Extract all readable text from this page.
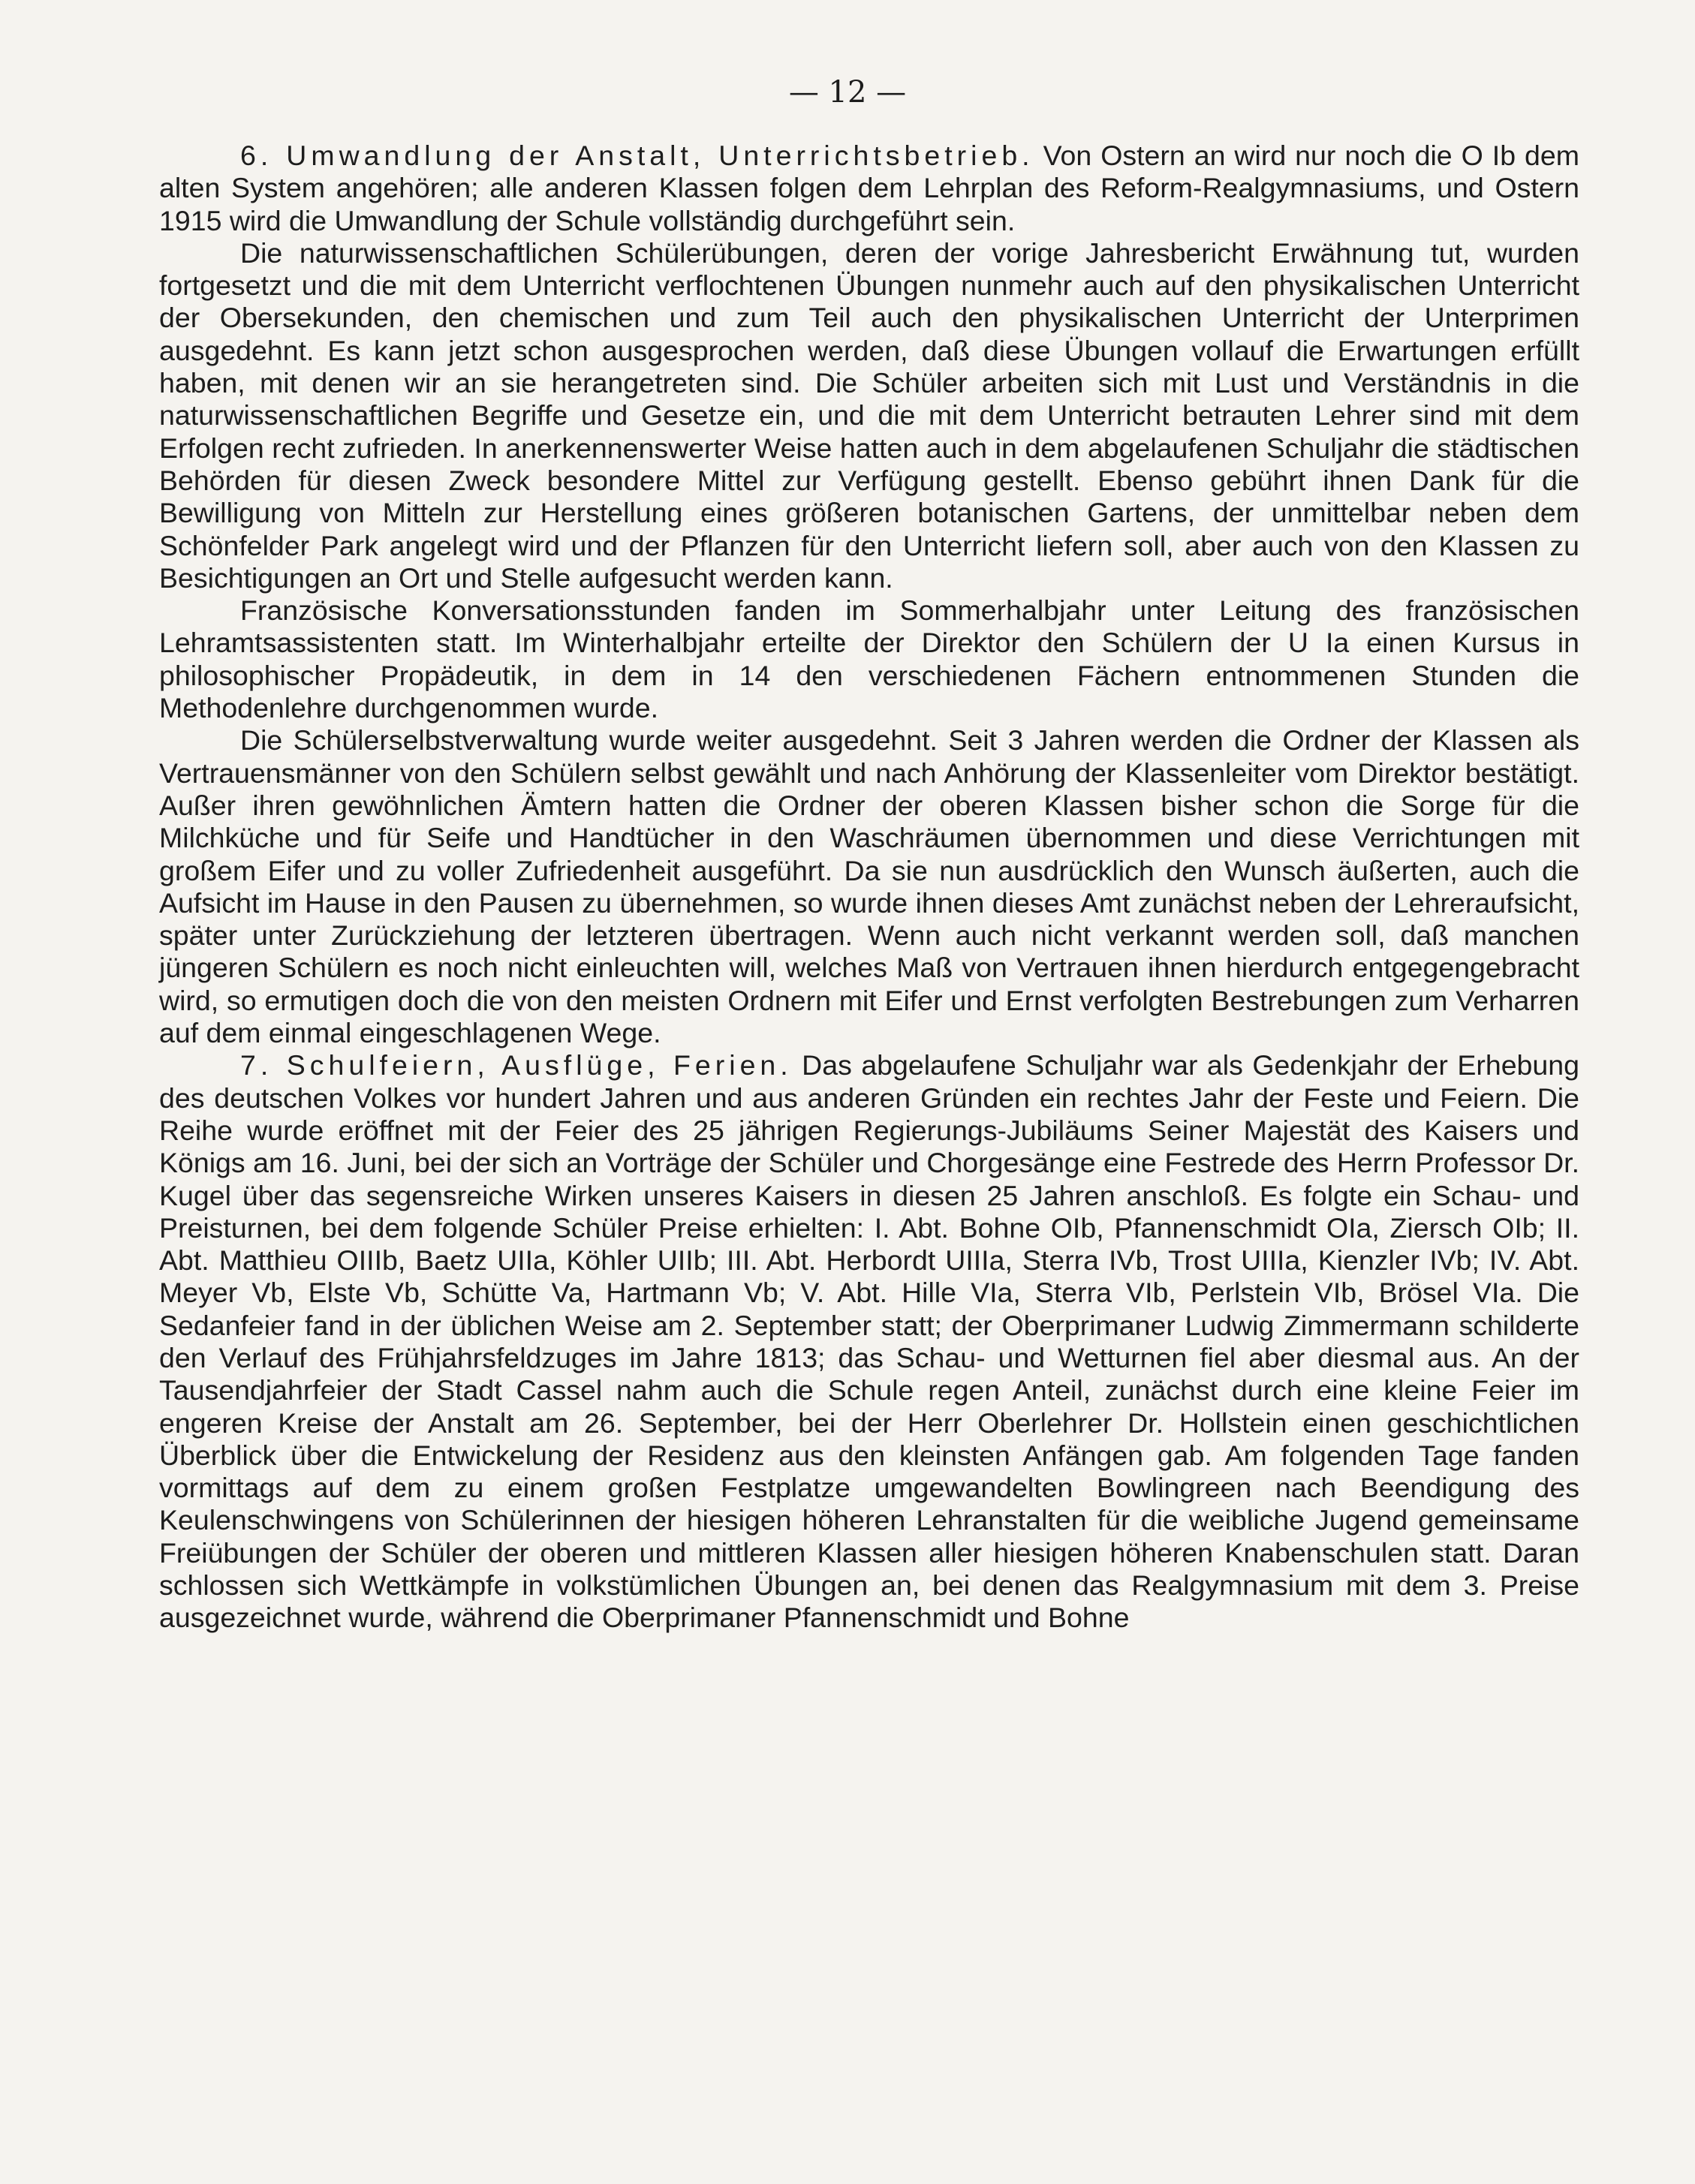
— 12 —

6. Umwandlung der Anstalt, Unterrichtsbetrieb. Von Ostern an wird nur noch die O Ib dem alten System angehören; alle anderen Klassen folgen dem Lehrplan des Reform-Realgymnasiums, und Ostern 1915 wird die Umwandlung der Schule vollständig durchgeführt sein.

Die naturwissenschaftlichen Schülerübungen, deren der vorige Jahresbericht Erwähnung tut, wurden fortgesetzt und die mit dem Unterricht verflochtenen Übungen nunmehr auch auf den physikalischen Unterricht der Obersekunden, den chemischen und zum Teil auch den physikalischen Unterricht der Unterprimen ausgedehnt. Es kann jetzt schon ausgesprochen werden, daß diese Übungen vollauf die Erwartungen erfüllt haben, mit denen wir an sie herangetreten sind. Die Schüler arbeiten sich mit Lust und Verständnis in die naturwissenschaftlichen Begriffe und Gesetze ein, und die mit dem Unterricht betrauten Lehrer sind mit dem Erfolgen recht zufrieden. In anerkennenswerter Weise hatten auch in dem abgelaufenen Schuljahr die städtischen Behörden für diesen Zweck besondere Mittel zur Verfügung gestellt. Ebenso gebührt ihnen Dank für die Bewilligung von Mitteln zur Herstellung eines größeren botanischen Gartens, der unmittelbar neben dem Schönfelder Park angelegt wird und der Pflanzen für den Unterricht liefern soll, aber auch von den Klassen zu Besichtigungen an Ort und Stelle aufgesucht werden kann.

Französische Konversationsstunden fanden im Sommerhalbjahr unter Leitung des französischen Lehramtsassistenten statt. Im Winterhalbjahr erteilte der Direktor den Schülern der U Ia einen Kursus in philosophischer Propädeutik, in dem in 14 den verschiedenen Fächern entnommenen Stunden die Methodenlehre durchgenommen wurde.

Die Schülerselbstverwaltung wurde weiter ausgedehnt. Seit 3 Jahren werden die Ordner der Klassen als Vertrauensmänner von den Schülern selbst gewählt und nach Anhörung der Klassenleiter vom Direktor bestätigt. Außer ihren gewöhnlichen Ämtern hatten die Ordner der oberen Klassen bisher schon die Sorge für die Milchküche und für Seife und Handtücher in den Waschräumen übernommen und diese Verrichtungen mit großem Eifer und zu voller Zufriedenheit ausgeführt. Da sie nun ausdrücklich den Wunsch äußerten, auch die Aufsicht im Hause in den Pausen zu übernehmen, so wurde ihnen dieses Amt zunächst neben der Lehreraufsicht, später unter Zurückziehung der letzteren übertragen. Wenn auch nicht verkannt werden soll, daß manchen jüngeren Schülern es noch nicht einleuchten will, welches Maß von Vertrauen ihnen hierdurch entgegengebracht wird, so ermutigen doch die von den meisten Ordnern mit Eifer und Ernst verfolgten Bestrebungen zum Verharren auf dem einmal eingeschlagenen Wege.

7. Schulfeiern, Ausflüge, Ferien. Das abgelaufene Schuljahr war als Gedenkjahr der Erhebung des deutschen Volkes vor hundert Jahren und aus anderen Gründen ein rechtes Jahr der Feste und Feiern. Die Reihe wurde eröffnet mit der Feier des 25 jährigen Regierungs-Jubiläums Seiner Majestät des Kaisers und Königs am 16. Juni, bei der sich an Vorträge der Schüler und Chorgesänge eine Festrede des Herrn Professor Dr. Kugel über das segensreiche Wirken unseres Kaisers in diesen 25 Jahren anschloß. Es folgte ein Schau- und Preisturnen, bei dem folgende Schüler Preise erhielten: I. Abt. Bohne OIb, Pfannenschmidt OIa, Ziersch OIb; II. Abt. Matthieu OIIIb, Baetz UIIa, Köhler UIIb; III. Abt. Herbordt UIIIa, Sterra IVb, Trost UIIIa, Kienzler IVb; IV. Abt. Meyer Vb, Elste Vb, Schütte Va, Hartmann Vb; V. Abt. Hille VIa, Sterra VIb, Perlstein VIb, Brösel VIa. Die Sedanfeier fand in der üblichen Weise am 2. September statt; der Oberprimaner Ludwig Zimmermann schilderte den Verlauf des Frühjahrsfeldzuges im Jahre 1813; das Schau- und Wetturnen fiel aber diesmal aus. An der Tausendjahrfeier der Stadt Cassel nahm auch die Schule regen Anteil, zunächst durch eine kleine Feier im engeren Kreise der Anstalt am 26. September, bei der Herr Oberlehrer Dr. Hollstein einen geschichtlichen Überblick über die Entwickelung der Residenz aus den kleinsten Anfängen gab. Am folgenden Tage fanden vormittags auf dem zu einem großen Festplatze umgewandelten Bowlingreen nach Beendigung des Keulenschwingens von Schülerinnen der hiesigen höheren Lehranstalten für die weibliche Jugend gemeinsame Freiübungen der Schüler der oberen und mittleren Klassen aller hiesigen höheren Knabenschulen statt. Daran schlossen sich Wettkämpfe in volkstümlichen Übungen an, bei denen das Realgymnasium mit dem 3. Preise ausgezeichnet wurde, während die Oberprimaner Pfannenschmidt und Bohne
